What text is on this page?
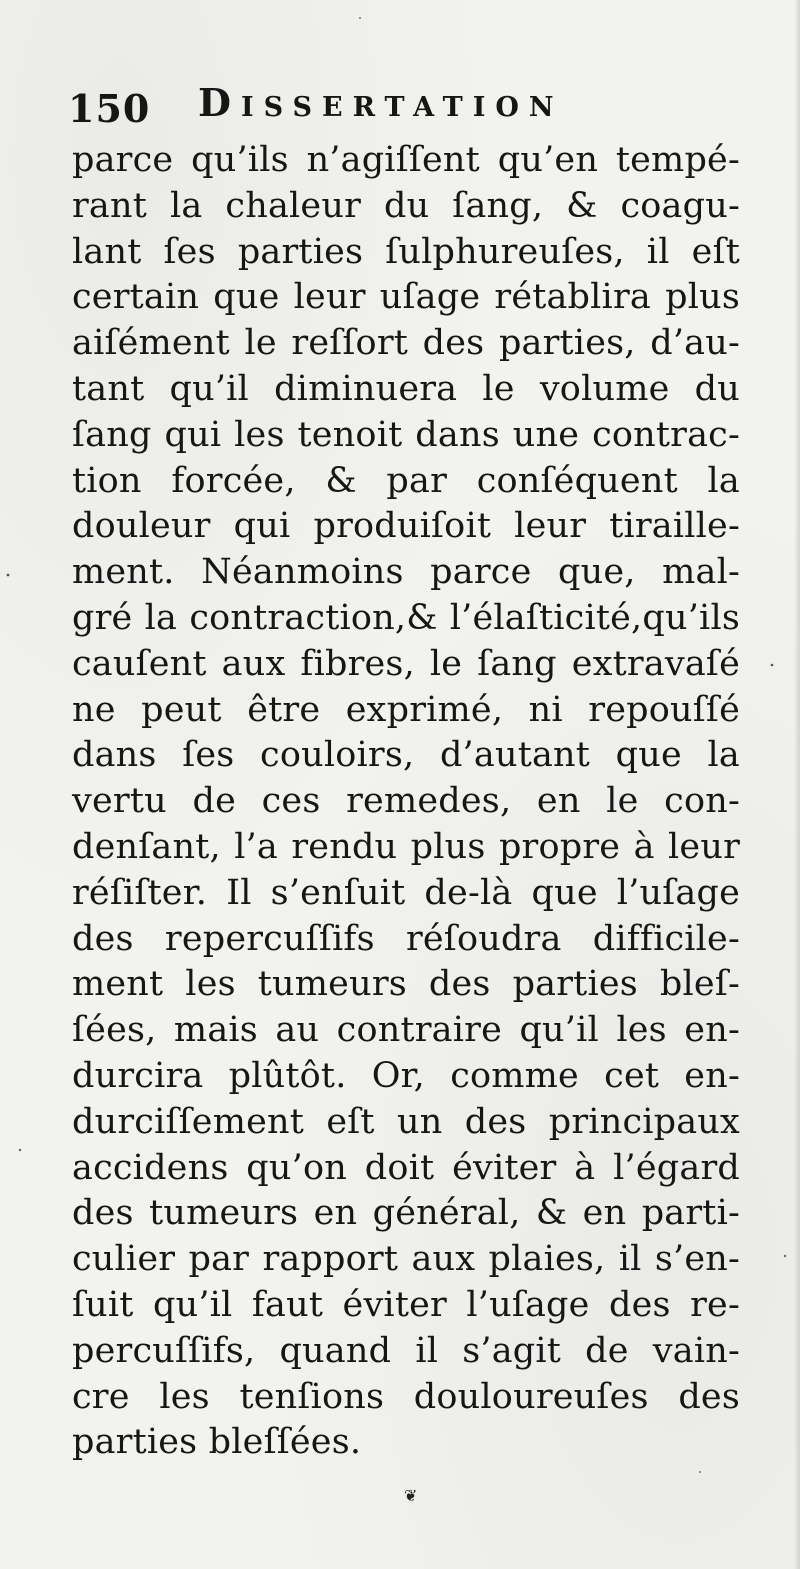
150 Dissertation
parce qu’ils n’agiſſent qu’en tempé-
rant la chaleur du ſang, & coagu-
lant ſes parties ſulphureuſes, il eſt
certain que leur uſage rétablira plus
aiſément le reſſort des parties, d’au-
tant qu’il diminuera le volume du
ſang qui les tenoit dans une contrac-
tion forcée, & par conſéquent la
douleur qui produiſoit leur tiraille-
ment. Néanmoins parce que, mal-
gré la contraction,& l’élaſticité,qu’ils
cauſent aux fibres, le ſang extravaſé
ne peut être exprimé, ni repouſſé
dans ſes couloirs, d’autant que la
vertu de ces remedes, en le con-
denſant, l’a rendu plus propre à leur
réſiſter. Il s’enſuit de-là que l’uſage
des repercuſſifs réſoudra difficile-
ment les tumeurs des parties bleſ-
ſées, mais au contraire qu’il les en-
durcira plûtôt. Or, comme cet en-
durciſſement eſt un des principaux
accidens qu’on doit éviter à l’égard
des tumeurs en général, & en parti-
culier par rapport aux plaies, il s’en-
ſuit qu’il faut éviter l’uſage des re-
percuſſifs, quand il s’agit de vain-
cre les tenſions douloureuſes des
parties bleſſées.
❦
